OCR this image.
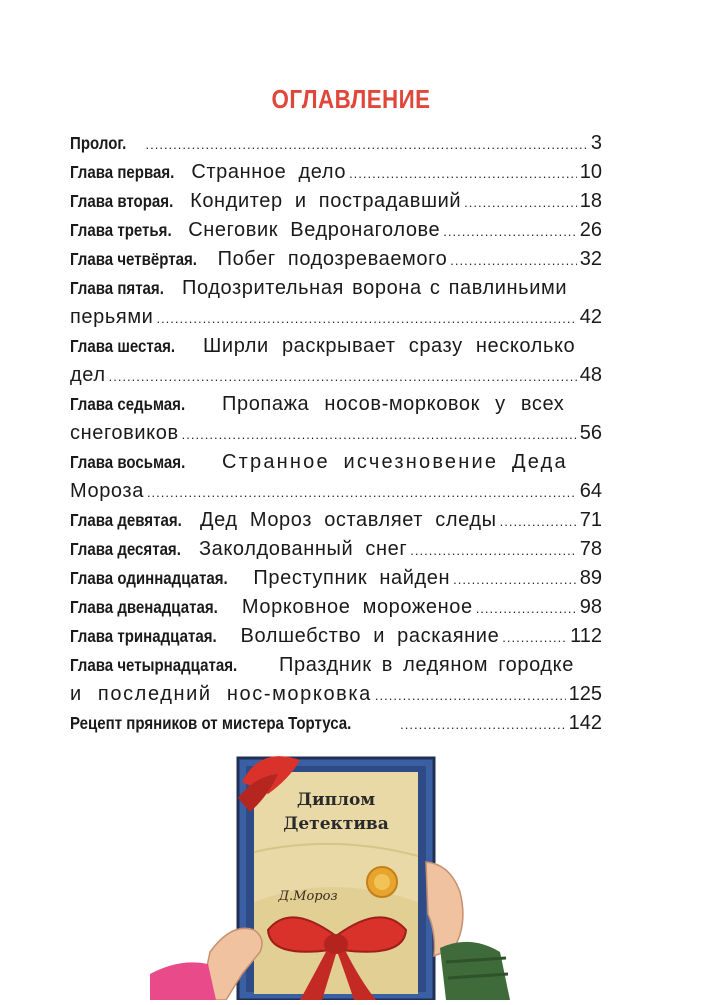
ОГЛАВЛЕНИЕ
Пролог. .....	3
Глава первая. Странное дело .....	10
Глава вторая. Кондитер и пострадавший .....	18
Глава третья. Снеговик Ведронаголове .....	26
Глава четвёртая. Побег подозреваемого .....	32
Глава пятая. Подозрительная ворона с павлиньими
перьями .....	42
Глава шестая.	Ширли раскрывает сразу несколько
дел .....	48
Глава седьмая.	Пропажа носов-морковок у всех
снеговиков .....	56
Глава восьмая.	Странное исчезновение Деда
Мороза .....	64
Глава девятая. Дед Мороз оставляет следы .....	71
Глава десятая. Заколдованный снег .....	78
Глава одиннадцатая. Преступник найден .....	89
Глава двенадцатая. Морковное мороженое .....	98
Глава тринадцатая. Волшебство и раскаяние .....	112
Глава четырнадцатая.	Праздник в ледяном городке
и последний нос-морковка .....	125
Рецепт пряников от мистера Тортуса. .....	142
Диплом
Детектива
Д.Мороз
